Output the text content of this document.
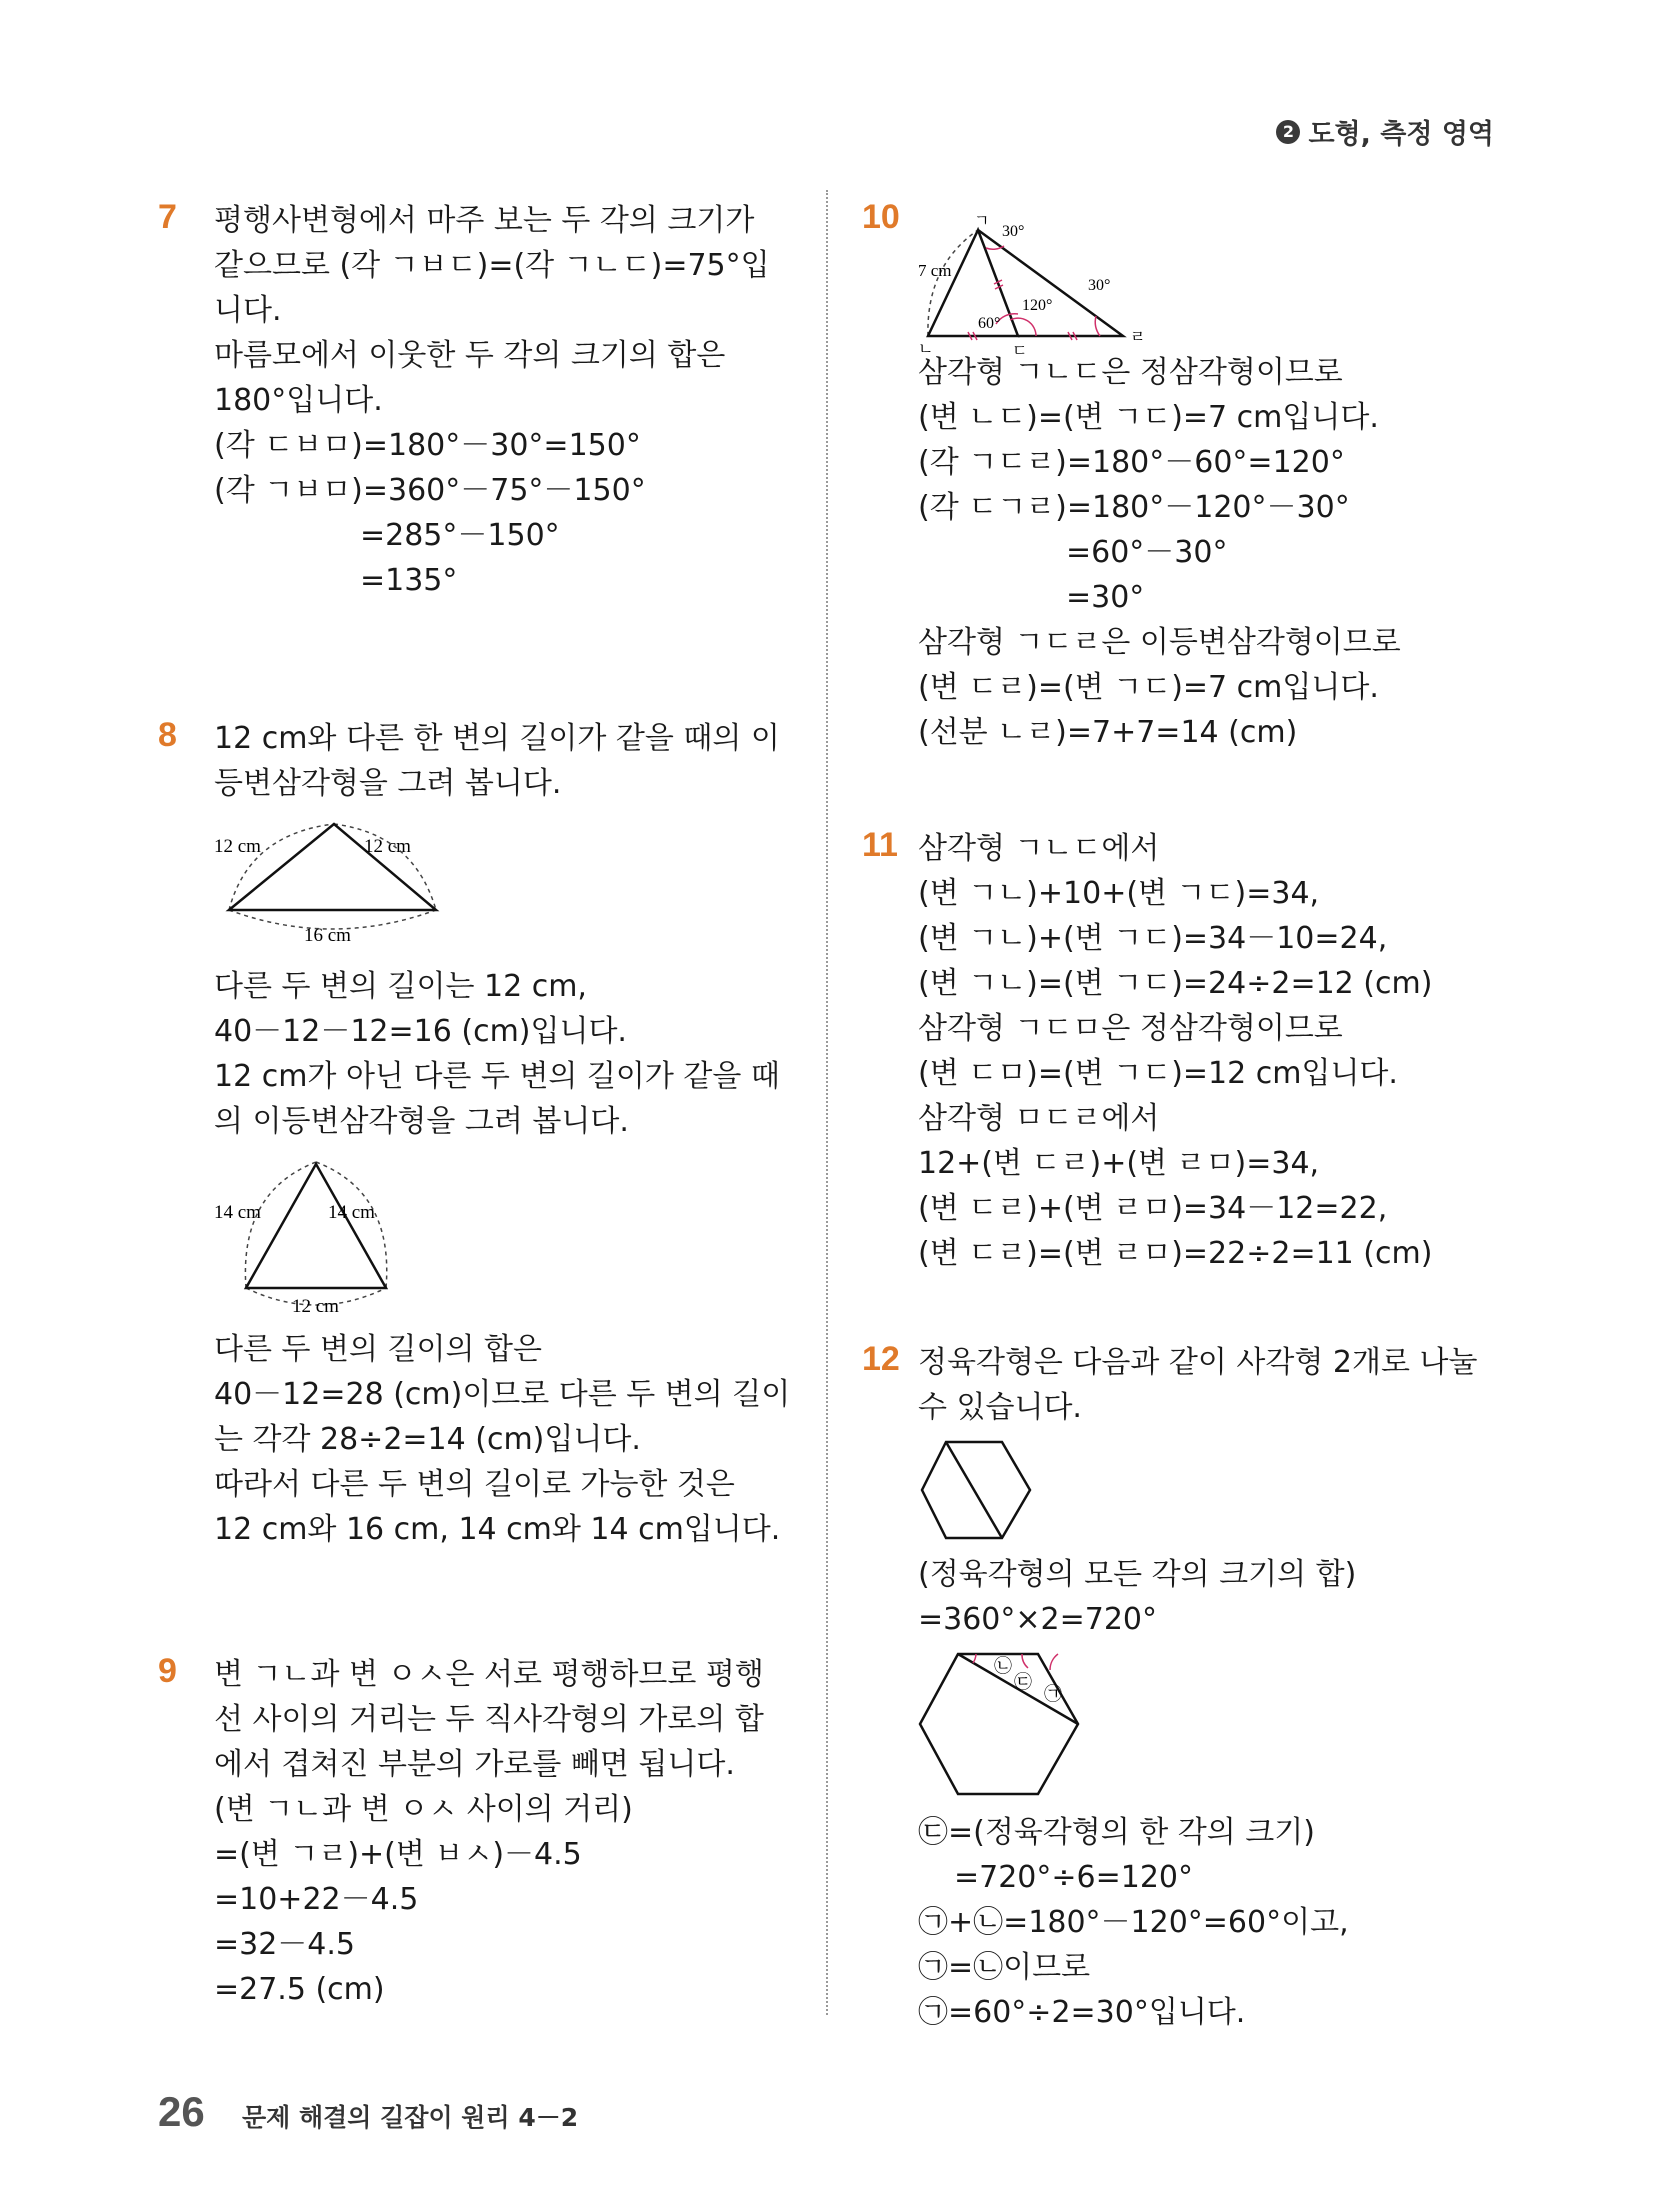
2 도형, 측정 영역
7 평행사변형에서 마주 보는 두 각의 크기가
같으므로 (각 ㄱㅂㄷ)=(각 ㄱㄴㄷ)=75°입
니다.
마름모에서 이웃한 두 각의 크기의 합은
180°입니다.
(각 ㄷㅂㅁ)=180°－30°=150°
(각 ㄱㅂㅁ)=360°－75°－150°
=285°－150°
=135°
8 12 cm와 다른 한 변의 길이가 같을 때의 이
등변삼각형을 그려 봅니다.
12 cm	12 cm
16 cm
다른 두 변의 길이는 12 cm,
40－12－12=16 (cm)입니다.
12 cm가 아닌 다른 두 변의 길이가 같을 때
의 이등변삼각형을 그려 봅니다.
14 cm	14 cm
12 cm
다른 두 변의 길이의 합은
40－12=28 (cm)이므로 다른 두 변의 길이
는 각각 28÷2=14 (cm)입니다.
따라서 다른 두 변의 길이로 가능한 것은
12 cm와 16 cm, 14 cm와 14 cm입니다.
9 변 ㄱㄴ과 변 ㅇㅅ은 서로 평행하므로 평행
선 사이의 거리는 두 직사각형의 가로의 합
에서 겹쳐진 부분의 가로를 빼면 됩니다.
(변 ㄱㄴ과 변 ㅇㅅ 사이의 거리)
=(변 ㄱㄹ)+(변 ㅂㅅ)－4.5
=10+22－4.5
=32－4.5
=27.5 (cm)
10	ㄱ
ㄴ	ㄷ
ㄹ
7 cm
30°
30°
60°
120°
삼각형 ㄱㄴㄷ은 정삼각형이므로
(변 ㄴㄷ)=(변 ㄱㄷ)=7 cm입니다.
(각 ㄱㄷㄹ)=180°－60°=120°
(각 ㄷㄱㄹ)=180°－120°－30°
=60°－30°
=30°
삼각형 ㄱㄷㄹ은 이등변삼각형이므로
(변 ㄷㄹ)=(변 ㄱㄷ)=7 cm입니다.
(선분 ㄴㄹ)=7+7=14 (cm)
11 삼각형 ㄱㄴㄷ에서
(변 ㄱㄴ)+10+(변 ㄱㄷ)=34,
(변 ㄱㄴ)+(변 ㄱㄷ)=34－10=24,
(변 ㄱㄴ)=(변 ㄱㄷ)=24÷2=12 (cm)
삼각형 ㄱㄷㅁ은 정삼각형이므로
(변 ㄷㅁ)=(변 ㄱㄷ)=12 cm입니다.
삼각형 ㅁㄷㄹ에서
12+(변 ㄷㄹ)+(변 ㄹㅁ)=34,
(변 ㄷㄹ)+(변 ㄹㅁ)=34－12=22,
(변 ㄷㄹ)=(변 ㄹㅁ)=22÷2=11 (cm)
12 정육각형은 다음과 같이 사각형 2개로 나눌
수 있습니다.
(정육각형의 모든 각의 크기의 합)
=360°×2=720°
㉡
㉢
㉠
㉢=(정육각형의 한 각의 크기)
=720°÷6=120°
㉠+㉡=180°－120°=60°이고,
㉠=㉡이므로
㉠=60°÷2=30°입니다.
26 문제 해결의 길잡이 원리 4－2
